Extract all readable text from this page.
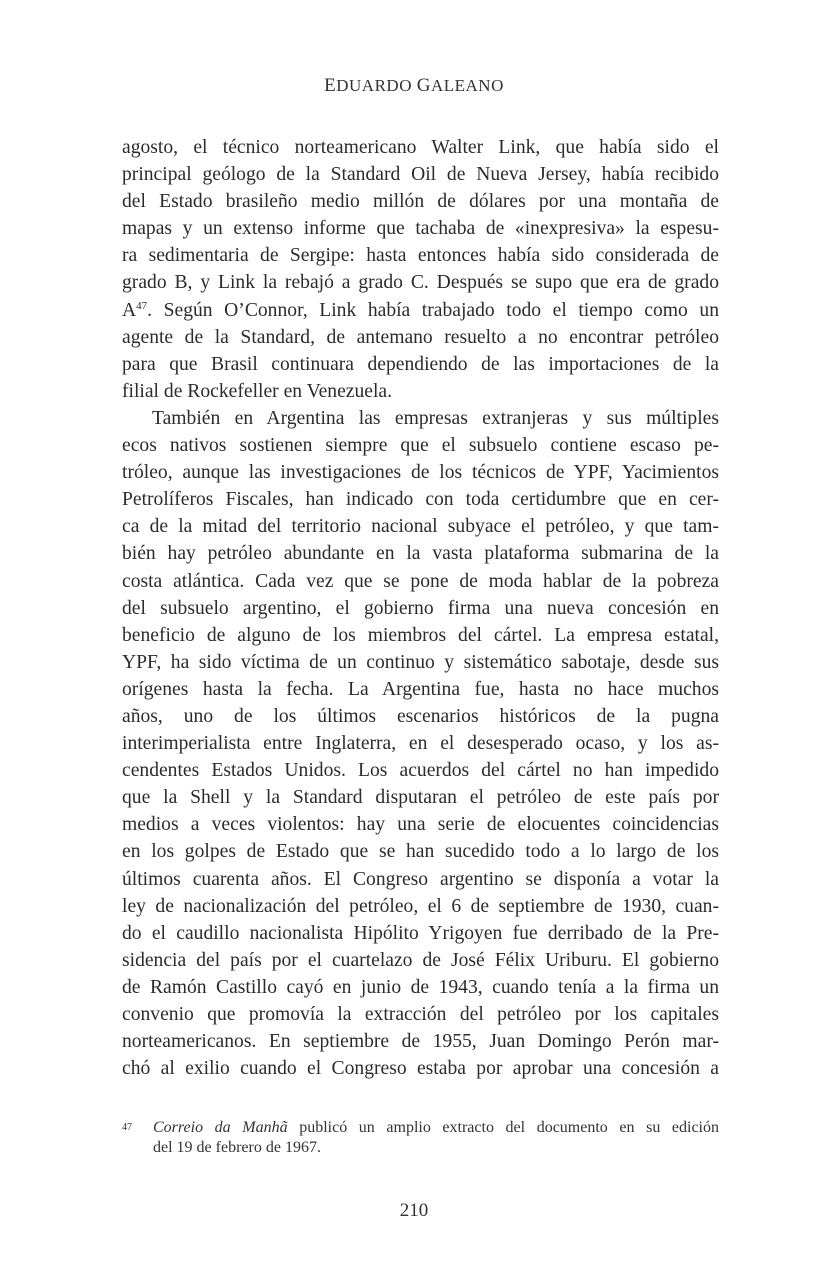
EDUARDO GALEANO
agosto, el técnico norteamericano Walter Link, que había sido el
principal geólogo de la Standard Oil de Nueva Jersey, había recibido
del Estado brasileño medio millón de dólares por una montaña de
mapas y un extenso informe que tachaba de «inexpresiva» la espesu-
ra sedimentaria de Sergipe: hasta entonces había sido considerada de
grado B, y Link la rebajó a grado C. Después se supo que era de grado
$A^{47}$. Según O’Connor, Link había trabajado todo el tiempo como un
agente de la Standard, de antemano resuelto a no encontrar petróleo
para que Brasil continuara dependiendo de las importaciones de la
filial de Rockefeller en Venezuela.
También en Argentina las empresas extranjeras y sus múltiples
ecos nativos sostienen siempre que el subsuelo contiene escaso pe-
tróleo, aunque las investigaciones de los técnicos de YPF, Yacimientos
Petrolíferos Fiscales, han indicado con toda certidumbre que en cer-
ca de la mitad del territorio nacional subyace el petróleo, y que tam-
bién hay petróleo abundante en la vasta plataforma submarina de la
costa atlántica. Cada vez que se pone de moda hablar de la pobreza
del subsuelo argentino, el gobierno firma una nueva concesión en
beneficio de alguno de los miembros del cártel. La empresa estatal,
YPF, ha sido víctima de un continuo y sistemático sabotaje, desde sus
orígenes hasta la fecha. La Argentina fue, hasta no hace muchos
años, uno de los últimos escenarios históricos de la pugna
interimperialista entre Inglaterra, en el desesperado ocaso, y los as-
cendentes Estados Unidos. Los acuerdos del cártel no han impedido
que la Shell y la Standard disputaran el petróleo de este país por
medios a veces violentos: hay una serie de elocuentes coincidencias
en los golpes de Estado que se han sucedido todo a lo largo de los
últimos cuarenta años. El Congreso argentino se disponía a votar la
ley de nacionalización del petróleo, el 6 de septiembre de 1930, cuan-
do el caudillo nacionalista Hipólito Yrigoyen fue derribado de la Pre-
sidencia del país por el cuartelazo de José Félix Uriburu. El gobierno
de Ramón Castillo cayó en junio de 1943, cuando tenía a la firma un
convenio que promovía la extracción del petróleo por los capitales
norteamericanos. En septiembre de 1955, Juan Domingo Perón mar-
chó al exilio cuando el Congreso estaba por aprobar una concesión a
47 Correio da Manhã publicó un amplio extracto del documento en su edición
del 19 de febrero de 1967.
210
